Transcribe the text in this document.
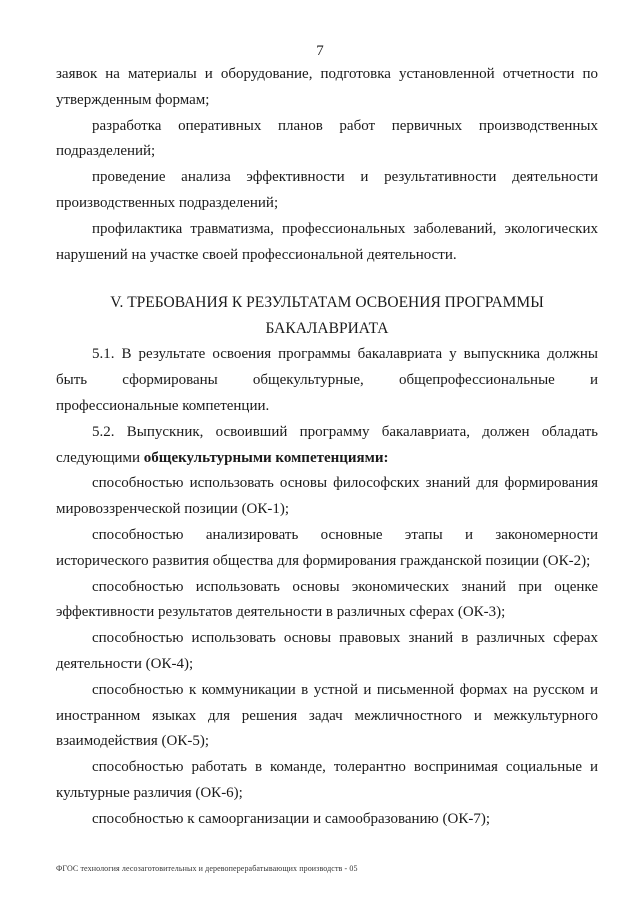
7

заявок на материалы и оборудование, подготовка установленной отчетности по утвержденным формам;

разработка оперативных планов работ первичных производственных подразделений;

проведение анализа эффективности и результативности деятельности производственных подразделений;

профилактика травматизма, профессиональных заболеваний, экологических нарушений на участке своей профессиональной деятельности.

V. ТРЕБОВАНИЯ К РЕЗУЛЬТАТАМ ОСВОЕНИЯ ПРОГРАММЫ
БАКАЛАВРИАТА

5.1. В результате освоения программы бакалавриата у выпускника должны быть сформированы общекультурные, общепрофессиональные и профессиональные компетенции.

5.2. Выпускник, освоивший программу бакалавриата, должен обладать следующими общекультурными компетенциями:

способностью использовать основы философских знаний для формирования мировоззренческой позиции (ОК-1);

способностью анализировать основные этапы и закономерности исторического развития общества для формирования гражданской позиции (ОК-2);

способностью использовать основы экономических знаний при оценке эффективности результатов деятельности в различных сферах (ОК-3);

способностью использовать основы правовых знаний в различных сферах деятельности (ОК-4);

способностью к коммуникации в устной и письменной формах на русском и иностранном языках для решения задач межличностного и межкультурного взаимодействия (ОК-5);

способностью работать в команде, толерантно воспринимая социальные и культурные различия (ОК-6);

способностью к самоорганизации и самообразованию (ОК-7);

ФГОС технология лесозаготовительных и деревоперерабатывающих производств - 05
